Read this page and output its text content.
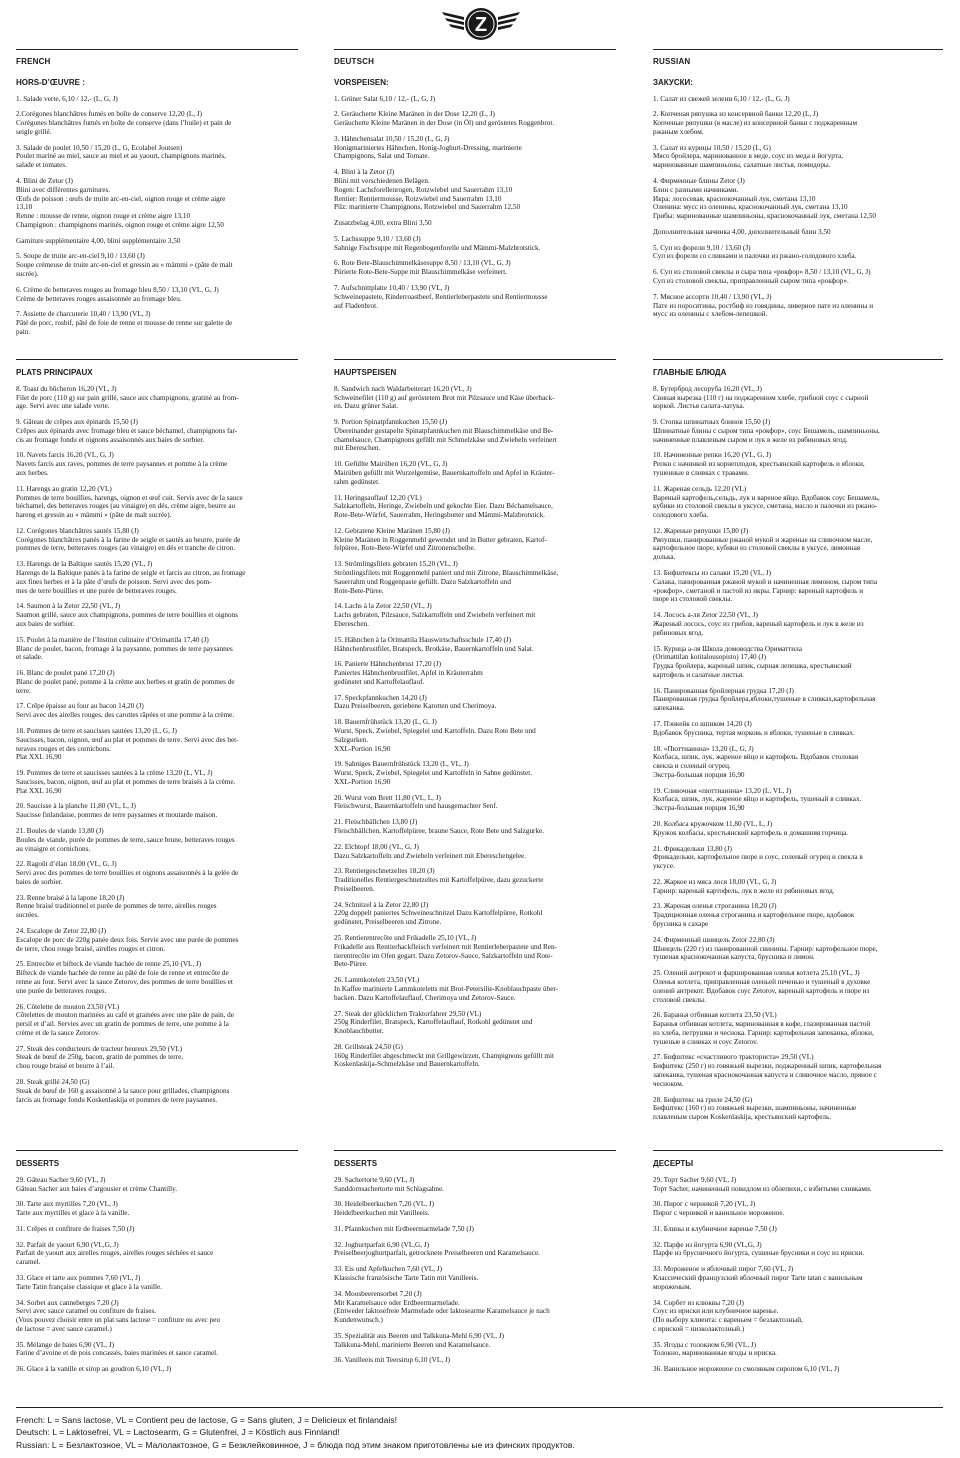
Z
FRENCH
HORS-D’ŒUVRE :
1. Salade verte, 6,10 / 12,- (L, G, J)
2.Corégones blanchâtres fumés en boîte de conserve 12,20 (L, J)
Corégones blanchâtres fumés en boîte de conserve (dans l’huile) et pain de
seigle grillé.
3. Salade de poulet 10,50 / 15,20 (L, G, Ecolabel Joutsen)
Poulet mariné au miel, sauce au miel et au yaourt, champignons marinés,
salade et tomates.
4. Blini de Zetor (J)
Blini avec différentes garnitures.
Œufs de poisson : œufs de truite arc-en-ciel, oignon rouge et crème aigre
13,10
Renne : mousse de renne, oignon rouge et crème aigre 13,10
Champignon : champignons marinés, oignon rouge et crème aigre 12,50
Garniture supplémentaire 4,00, blini supplémentaire 3,50
5. Soupe de truite arc-en-ciel 9,10 / 13,60 (J)
Soupe crémeuse de truite arc-en-ciel et gressin au « mämmi » (pâte de malt
sucrée).
6. Crème de betteraves rouges au fromage bleu 8,50 / 13,10 (VL, G, J)
Crème de betteraves rouges assaisonnée au fromage bleu.
7. Assiette de charcuterie 10,40 / 13,90 (VL, J)
Pâté de porc, rosbif, pâté de foie de renne et mousse de renne sur galette de
pain.
PLATS PRINCIPAUX
8. Toast du bûcheron 16,20 (VL, J)
Filet de porc (110 g) sur pain grillé, sauce aux champignons, gratiné au from-
age. Servi avec une salade verte.
9. Gâteau de crêpes aux épinards 15,50 (J)
Crêpes aux épinards avec fromage bleu et sauce béchamel, champignons far-
cis au fromage fondu et oignons assaisonnés aux baies de sorbier.
10. Navets farcis 16,20 (VL, G, J)
Navets farcis aux raves, pommes de terre paysannes et pomme à la crème
aux herbes.
11. Harengs au gratin 12,20 (VL)
Pommes de terre bouillies, harengs, oignon et œuf cuit. Servis avec de la sauce
béchamel, des betteraves rouges (au vinaigre) en dés, crème aigre, beurre au
hareng et gressin au « mämmi » (pâte de malt sucrée).
12. Corégones blanchâtres sautés 15,80 (J)
Corégones blanchâtres panés à la farine de seigle et sautés au beurre, purée de
pommes de terre, betteraves rouges (au vinaigre) en dés et tranche de citron.
13. Harengs de la Baltique sautés 15,20 (VL, J)
Harengs de la Baltique panés à la farine de seigle et farcis au citron, au fromage
aux fines herbes et à la pâte d’œufs de poisson. Servi avec des pom-
mes de terre bouillies et une purée de betteraves rouges.
14. Saumon à la Zetor 22,50 (VL, J)
Saumon grillé, sauce aux champignons, pommes de terre bouillies et oignons
aux baies de sorbier.
15. Poulet à la manière de l’Institut culinaire d’Orimattila 17,40 (J)
Blanc de poulet, bacon, fromage à la paysanne, pommes de terre paysannes
et salade.
16. Blanc de poulet pané 17,20 (J)
Blanc de poulet pané, pomme à la crème aux herbes et gratin de pommes de
terre.
17. Crêpe épaisse au four au bacon 14,20 (J)
Servi avec des airelles rouges, des carottes râpées et une pomme à la crème.
18. Pommes de terre et saucisses sautées 13,20 (L, G, J)
Saucisses, bacon, oignon, œuf au plat et pommes de terre. Servi avec des bet-
teraves rouges et des cornichons.
Plat XXL 16,90
19. Pommes de terre et saucisses sautées à la crème 13,20 (L, VL, J)
Saucisses, bacon, oignon, œuf au plat et pommes de terre braisés à la crème.
Plat XXL 16,90
20. Saucisse à la planche 11,80 (VL, L, J)
Saucisse finlandaise, pommes de terre paysannes et moutarde maison.
21. Boules de viande 13,80 (J)
Boules de viande, purée de pommes de terre, sauce brune, betteraves rouges
au vinaigre et cornichons.
22. Ragoût d’élan 18,00 (VL, G, J)
Servi avec des pommes de terre bouillies et oignons assaisonnés à la gelée de
baies de sorbier.
23. Renne braisé à la lapone 18,20 (J)
Renne braisé traditionnel et purée de pommes de terre, airelles rouges
sucrées.
24. Escalope de Zetor 22,80 (J)
Escalope de porc de 220g panée deux fois. Servie avec une purée de pommes
de terre, chou rouge braisé, airelles rouges et citron.
25. Entrecôte et bifteck de viande hachée de renne 25,10 (VL, J)
Bifteck de viande hachée de renne au pâté de foie de renne et entrecôte de
renne au four. Servi avec la sauce Zetorov, des pommes de terre bouillies et
une purée de betteraves rouges.
26. Côtelette de mouton 23,50 (VL)
Côtelettes de mouton marinées au café et grainées avec une pâte de pain, de
persil et d’ail. Servies avec un gratin de pommes de terre, une pomme à la
crème et de la sauce Zetorov.
27. Steak des conducteurs de tracteur heureux 29,50 (VL)
Steak de bœuf de 250g, bacon, gratin de pommes de terre,
chou rouge braisé et beurre à l’ail.
28. Steak grillé 24,50 (G)
Steak de bœuf de 160 g assaisonné à la sauce pour grillades, champignons
farcis au fromage fondu Koskenlaskija et pommes de terre paysannes.
DESSERTS
29. Gâteau Sacher 9,60 (VL, J)
Gâteau Sacher aux baies d’argousier et crème Chantilly.
30. Tarte aux myrtilles 7,20 (VL, J)
Tarte aux myrtilles et glace à la vanille.
31. Crêpes et confiture de fraises 7,50 (J)
32. Parfait de yaourt 6,90 (VL,G, J)
Parfait de yaourt aux airelles rouges, airelles rouges séchées et sauce
caramel.
33. Glace et tarte aux pommes 7,60 (VL, J)
Tarte Tatin française classique et glace à la vanille.
34. Sorbet aux canneberges 7,20 (J)
Servi avec sauce caramel ou confiture de fraises.
(Vous pouvez choisir entre un plat sans lactose = confiture ou avec peu
de lactose = avec sauce caramel.)
35. Mélange de baies 6,90 (VL, J)
Farine d’avoine et de pois concassés, baies marinées et sauce caramel.
36. Glace à la vanille et sirop au goudron 6,10 (VL, J)
DEUTSCH
VORSPEISEN:
1. Grüner Salat 6,10 / 12,- (L, G, J)
2. Geräucherte Kleine Maränen in der Dose 12,20 (L, J)
Geräucherte Kleine Maränen in der Dose (in Öl) und geröstetes Roggenbrot.
3. Hähnchensalat 10,50 / 15,20 (L, G, J)
Honigmariniertes Hähnchen, Honig-Joghurt-Dressing, marinierte
Champignons, Salat und Tomate.
4. Blini à la Zetor (J)
Blini mit verschiedenen Belägen.
Rogen: Lachsforellenrogen, Rotzwiebel und Sauerrahm 13,10
Rentier: Rentiermousse, Rotzwiebel und Sauerrahm 13,10
Pilz: marinierte Champignons, Rotzwiebel und Sauerrahm 12,50
Zusatzbelag 4,00, extra Blini 3,50
5. Lachssuppe 9,10 / 13,60 (J)
Sahnige Fischsuppe mit Regenbogenforelle und Mämmi-Malzbrotstick.
6. Rote Bete-Blauschimmelkäsesuppe 8,50 / 13,10 (VL, G, J)
Pürierte Rote-Bete-Suppe mit Blauschimmelkäse verfeinert.
7. Aufschnittplatte 10,40 / 13,90 (VL, J)
Schweinepastete, Rinderroastbeef, Rentierleberpastete und Rentiermousse
auf Fladenbrot.
HAUPTSPEISEN
8. Sandwich nach Waldarbeiterart 16,20 (VL, J)
Schweinefilet (110 g) auf geröstetem Brot mit Pilzsauce und Käse überback-
en. Dazu grüner Salat.
9. Portion Spinatpfannkuchen 15,50 (J)
Übereinander gestapelte Spinatpfannkuchen mit Blauschimmelkäse und Be-
chamelsauce, Champignons gefüllt mit Schmelzkäse und Zwiebeln verfeinert
mit Ebereschen.
10. Gefüllte Mairüben 16,20 (VL, G, J)
Mairüben gefüllt mit Wurzelgemüse, Bauernkartoffeln und Apfel in Kräuter-
rahm gedünstet.
11. Heringsauflauf 12,20 (VL)
Salzkartoffeln, Heringe, Zwiebeln und gekochte Eier. Dazu Béchamelsauce,
Rote-Bete-Würfel, Sauerrahm, Heringsbutter und Mämmi-Malzbrotstick.
12. Gebratene Kleine Maränen 15,80 (J)
Kleine Maränen in Roggenmehl gewendet und in Butter gebraten, Kartof-
felpüree, Rote-Bete-Würfel und Zitronenscheibe.
13. Strömlingsfilets gebraten 15,20 (VL, J)
Strömlingsfilets mit Roggenmehl paniert und mit Zitrone, Blauschimmelkäse,
Sauerrahm und Roggenpaste gefüllt. Dazu Salzkartoffeln und
Rote-Bete-Püree.
14. Lachs à la Zetor 22,50 (VL, J)
Lachs gebraten, Pilzsauce, Salzkartoffeln und Zwiebeln verfeinert mit
Ebereschen.
15. Hähnchen à la Orimattila Hauswirtschaftsschule 17,40 (J)
Hähnchenbrustfilet, Bratspeck, Brotkäse, Bauernkartoffeln und Salat.
16. Panierte Hähnchenbrust 17,20 (J)
Paniertes Hähnchenbrustfilet, Apfel in Kräuterrahm
gedünstet und Kartoffelauflauf.
17. Speckpfannkuchen 14,20 (J)
Dazu Preiselbeeren, geriebene Karotten und Cherimoya.
18. Bauernfrühstück 13,20 (L, G, J)
Wurst, Speck, Zwiebel, Spiegelei und Kartoffeln. Dazu Rote Bete und
Salzgurken.
XXL-Portion 16,90
19. Sahniges Bauernfrühstück 13,20 (L, VL, J)
Wurst, Speck, Zwiebel, Spiegelei und Kartoffeln in Sahne gedünstet.
XXL-Portion 16,90
20. Wurst vom Brett 11,80 (VL, L, J)
Fleischwurst, Bauernkartoffeln und hausgemachter Senf.
21. Fleischbällchen 13,80 (J)
Fleischbällchen, Kartoffelpüree, braune Sauce, Rote Bete und Salzgurke.
22. Elchtopf 18,00 (VL, G, J)
Dazu Salzkartoffeln und Zwiebeln verfeinert mit Ebereschengelee.
23. Rentiergeschnetzeltes 18,20 (J)
Traditionelles Rentiergeschnetzeltes mit Kartoffelpüree, dazu gezuckerte
Preiselbeeren.
24. Schnitzel à la Zetor 22,80 (J)
220g doppelt paniertes Schweineschnitzel Dazu Kartoffelpüree, Rotkohl
gedünstet, Preiselbeeren und Zitrone.
25. Rentierentrecôte und Frikadelle 25,10 (VL, J)
Frikadelle aus Rentierhackfleisch verfeinert mit Rentierleberpastete und Ren-
tierentrecôte im Ofen gegart. Dazu Zetorov-Sauce, Salzkartoffeln und Rote-
Bete-Püree.
26. Lammkotelett 23,50 (VL)
In Kaffee marinierte Lammkoteletts mit Brot-Petersilie-Knoblauchpaste über-
backen. Dazu Kartoffelauflauf, Cherimoya und Zetorov-Sauce.
27. Steak der glücklichen Traktorfahrer 29,50 (VL)
250g Rinderfilet, Bratspeck, Kartoffelauflauf, Rotkohl gedünstet und
Knoblauchbutter.
28. Grillsteak 24,50 (G)
160g Rinderfilet abgeschmeckt mit Grillgewürzen, Champignons gefüllt mit
Koskenlaskija-Schmelzkäse und Bauernkartoffeln.
DESSERTS
29. Sachertorte 9,60 (VL, J)
Sanddornsachertorte mit Schlagsahne.
30. Heidelbeerkuchen 7,20 (VL, J)
Heidelbeerkuchen mit Vanilleeis.
31. Pfannkuchen mit Erdbeermarmelade 7,50 (J)
32. Joghurtparfait 6,90 (VL,G, J)
Preiselbeerjoghurtparfait, getrocknete Preiselbeeren und Karamelsauce.
33. Eis und Apfelkuchen 7,60 (VL, J)
Klassische französische Tarte Tatin mit Vanilleeis.
34. Moosbeerensorbet 7,20 (J)
Mit Karamelsauce oder Erdbeermarmelade.
(Entweder laktosefreie Marmelade oder laktosearme Karamelsauce je nach
Kundenwunsch.)
35. Spezialität aus Beeren und Talkkuna-Mehl 6,90 (VL, J)
Talkkuna-Mehl, marinierte Beeren und Karamelsauce.
36. Vanilleeis mit Teersirup 6,10 (VL, J)
RUSSIAN
ЗАКУСКИ:
1. Салат из свежей зелени 6,10 / 12,- (L, G, J)
2. Копченая ряпушка из консервной банки 12,20 (L, J)
Копченые ряпушки (в масле) из консервной банки с поджаренным
ржаным хлебом.
3. Салат из курицы 10,50 / 15,20 (L, G)
Мясо бройлера, маринованное в меде, соус из меда и йогурта,
маринованные шампиньоны, салатные листья, помидоры.
4. Фирменные блины Zetor (J)
Блин с разными начинками.
Икра: лососевая, краснокочанный лук, сметана 13,10
Оленина: мусс из оленины, краснокочанный лук, сметана 13,10
Грибы: маринованные шампиньоны, краснокочанный лук, сметана 12,50
Дополнительная начинка 4,00, дополнительный блин 3,50
5. Суп из форели 9,10 / 13,60 (J)
Суп из форели со сливками и палочки из ржано-солодового хлеба.
6. Суп из столовой свеклы и сыра типа «рокфор» 8,50 / 13,10 (VL, G, J)
Суп из столовой свеклы, приправленный сыром типа «рокфор».
7. Мясное ассорти 10,40 / 13,90 (VL, J)
Пате из поросятины, ростбиф из говядины, ливерное пате из оленины и
мусс из оленины с хлебом-лепешкой.
ГЛАВНЫЕ БЛЮДА
8. Бутерброд лесоруба 16,20 (VL, J)
Свиная вырезка (110 г) на поджаренном хлебе, грибной соус с сырной
коркой. Листья салата-латука.
9. Стопка шпинатных блинов 15,50 (J)
Шпинатные блины с сыром типа «рокфор», соус Бешамель, шампиньоны,
начиненные плавленым сыром и лук в желе из рябиновых ягод.
10. Начиненные репки 16,20 (VL, G, J)
Репки с начинкой из корнеплодов, крестьянский картофель и яблоки,
тушенные в сливках с травами.
11. Жареная сельдь 12,20 (VL)
Вареный картофель,сельдь, лук и вареное яйцо. Вдобавок соус Бешамель,
кубики из столовой свеклы в уксусе, сметана, масло и палочки из ржано-
солодового хлеба.
12. Жареные ряпушки 15,80 (J)
Ряпушки, панированные ржаной мукой и жареные на сливочном масле,
картофельное пюре, кубики из столовой свеклы в уксусе, лимонная
долька.
13. Бифштексы из салаки 15,20 (VL, J)
Салака, панированная ржаной мукой и начиненная лимоном, сыром типа
«рокфор», сметаной и пастой из икры. Гарнир: вареный картофель и
пюре из столовой свеклы.
14. Лосось а-ля Zetor 22,50 (VL, J)
Жареный лосось, соус из грибов, вареный картофель и лук в желе из
рябиновых ягод.
15. Курица а-ля Школа домоводства Ориматтила
(Orimattilan kotitalousopisto) 17,40 (J)
Грудка бройлера, жареный шпик, сырная лепешка, крестьянский
картофель и салатные листья.
16. Панированная бройлерная грудка 17,20 (J)
Панированная грудка бройлера,яблоки,тушеные в сливках,картофельная
запеканка.
17. Пэнкейк со шпиком 14,20 (J)
Вдобавок брусника, тертая морковь и яблоки, тушеные в сливках.
18. «Пюттиаинна» 13,20 (L, G, J)
Колбаса, шпик, лук, жареное яйцо и картофель. Вдобавок столовая
свекла и соленый огурец.
Экстра-большая порция 16,90
19. Сливочная «пюттиаинна» 13,20 (L, VL, J)
Колбаса, шпик, лук, жареное яйцо и картофель, тушеный в сливках.
Экстра-большая порция 16,90
20. Колбаса кружочком 11,80 (VL, L, J)
Кружок колбасы, крестьянский картофель и домашняя горчица.
21. Фрикадельки 13,80 (J)
Фрикадельки, картофельное пюре и соус, соленый огурец и свекла в
уксусе.
22. Жаркое из мяса лося 18,00 (VL, G, J)
Гарнир: вареный картофель, лук в желе из рябиновых ягод.
23. Жареная оленья строганина 18,20 (J)
Традиционная оленья строганина и картофельное пюре, вдобавок
брусника в сахаре
24. Фирменный шницель Zetor 22,80 (J)
Шницель (220 г) из панированной свинины. Гарнир: картофельное пюре,
тушеная краснокочанная капуста, брусника и лимон.
25. Олений антрекот и фаршированная оленья котлета 25,10 (VL, J)
Оленья котлета, приправленная оленьей печенью и тушеный в духовке
олений антрекот. Вдобавок соус Zetorov, вареный картофель и пюре из
столовой свеклы.
26. Баранья отбивная котлета 23,50 (VL)
Баранья отбивная котлета, маринованная в кофе, глазированная пастой
из хлеба, петрушки и чеснока. Гарнир: картофельная запеканка, яблоки,
тушеные в сливках и соус Zetorov.
27. Бифштекс «счастливого тракториста» 29,50 (VL)
Бифштекс (250 г) из говяжьей вырезки, поджаренный шпик, картофельная
запеканка, тушеная краснокочанная капуста и сливочное масло, пряное с
чесноком.
28. Бифштекс на гриле 24,50 (G)
Бифштекс (160 г) из говяжьей вырезки, шампиньоны, начиненные
плавленым сыром Koskenlaskija, крестьянский картофель.
ДЕСЕРТЫ
29. Торт Sacher 9,60 (VL, J)
Торт Sacher, начиненный повидлом из облепихи, с взбитыми сливками.
30. Пирог с черникой 7,20 (VL, J)
Пирог с черникой и ванильное мороженое.
31. Блины и клубничное варенье 7,50 (J)
32. Парфе из йогурта 6,90 (VL,G, J)
Парфе из брусничного йогурта, сушеные брусники и соус из ириски.
33. Мороженое и яблочный пирог 7,60 (VL, J)
Классический французский яблочный пирог Tarte tatan с ванильным
мороженым.
34. Сорбет из клюквы 7,20 (J)
Соус из ириски или клубничное варенье.
(По выбору клиента: с вареньем = безлактозный,
с ириской = низколактозный.)
35. Ягоды с толокном 6,90 (VL, J)
Толокно, маринованные ягоды и ириска.
36. Ванильное мороженое со смоляным сиропом 6,10 (VL, J)
French: L = Sans lactose, VL = Contient peu de lactose, G = Sans gluten, J = Delicieux et finlandais!
Deutsch: L = Laktosefrei, VL = Lactosearm, G = Glutenfrei, J = Köstlich aus Finnland!
Russian: L = Безлактозное, VL = Малолактозное, G = Безклейковинное, J = блюда под этим знаком приготовлены ые из финских продуктов.
